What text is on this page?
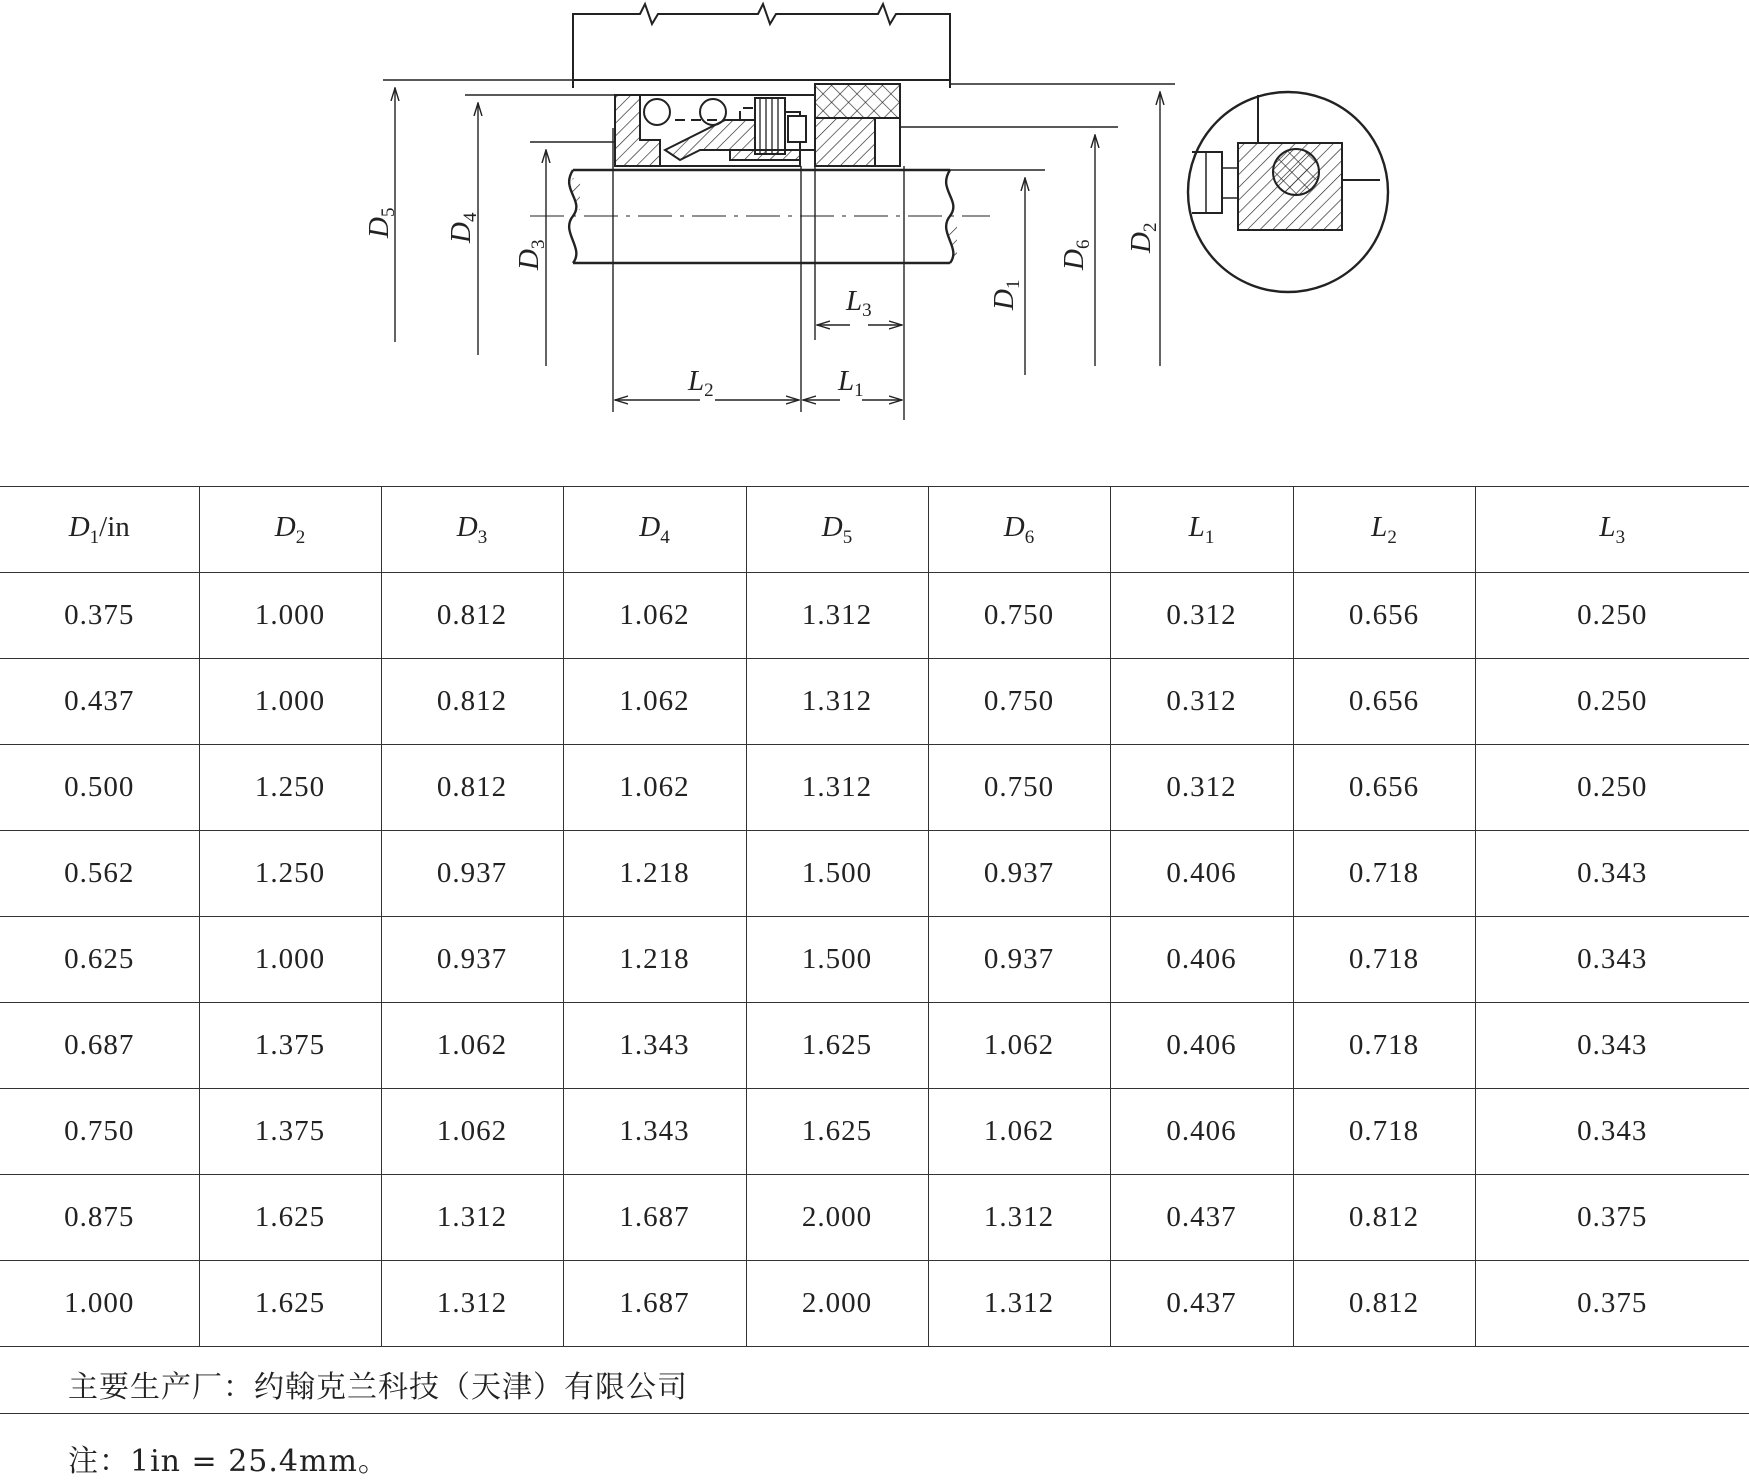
$D_5$
$D_4$
$D_3$
$D_1$
$D_6$ $D_2$
$L_2$	$L_1$
$L_3$
$D_1/in$	$D_2$	$D_3$	$D_4$	$D_5$	$D_6$	$L_1$	$L_2$	$L_3$
0.375	1.000	0.812	1.062	1.312	0.750	0.312	0.656	0.250
0.437	1.000	0.812	1.062	1.312	0.750	0.312	0.656	0.250
0.500	1.250	0.812	1.062	1.312	0.750	0.312	0.656	0.250
0.562	1.250	0.937	1.218	1.500	0.937	0.406	0.718	0.343
0.625	1.000	0.937	1.218	1.500	0.937	0.406	0.718	0.343
0.687	1.375	1.062	1.343	1.625	1.062	0.406	0.718	0.343
0.750	1.375	1.062	1.343	1.625	1.062	0.406	0.718	0.343
0.875	1.625	1.312	1.687	2.000	1.312	0.437	0.812	0.375
1.000	1.625	1.312	1.687	2.000	1.312	0.437	0.812	0.375
主要生产厂：约翰克兰科技（天津）有限公司
注：1in = 25.4mm。
